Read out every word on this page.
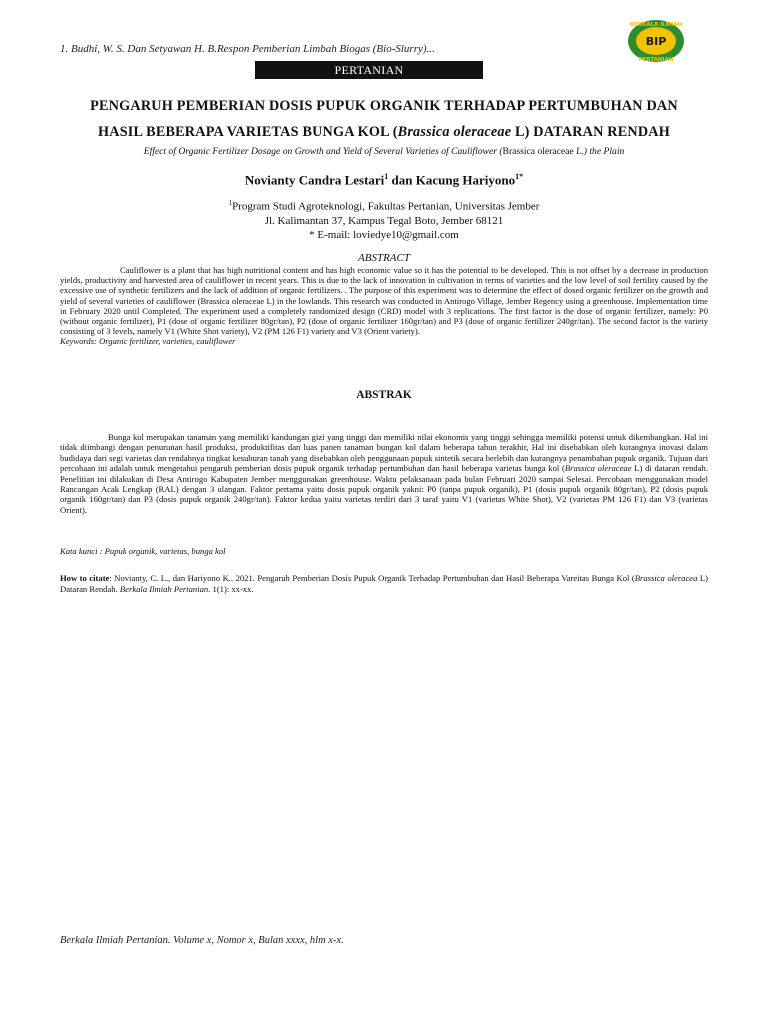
1. Budhi, W. S. Dan Setyawan H. B.Respon Pemberian Limbah Biogas (Bio-Slurry)...
BERKALA ILMIAH
BIP
PERTANIAN
PERTANIAN
PENGARUH PEMBERIAN DOSIS PUPUK ORGANIK TERHADAP PERTUMBUHAN DAN
HASIL BEBERAPA VARIETAS BUNGA KOL (Brassica oleraceae L) DATARAN RENDAH
Effect of Organic Fertilizer Dosage on Growth and Yield of Several Varieties of Cauliflower (Brassica oleraceae L.) the Plain
Novianty Candra Lestari$^1$ dan Kacung Hariyono$^{1*}$
$^1$Program Studi Agroteknologi, Fakultas Pertanian, Universitas Jember
Jl. Kalimantan 37, Kampus Tegal Boto, Jember 68121
* E-mail: loviedye10@gmail.com
ABSTRACT

Cauliflower is a plant that has high nutritional content and has high economic value so it has the potential to be developed. This is not offset by a decrease in production yields, productivity and harvested area of cauliflower in recent years. This is due to the lack of innovation in cultivation in terms of varieties and the low level of soil fertility caused by the excessive use of synthetic fertilizers and the lack of addition of organic fertilizers. . The purpose of this experiment was to determine the effect of dosed organic fertilizer on the growth and yield of several varieties of cauliflower (Brassica oleraceae L) in the lowlands. This research was conducted in Antirogo Village, Jember Regency using a greenhouse. Implementation time in February 2020 until Completed. The experiment used a completely randomized design (CRD) model with 3 replications. The first factor is the dose of organic fertilizer, namely: P0 (without organic fertilizer), P1 (dose of organic fertilizer 80gr/tan), P2 (dose of organic fertilizer 160gr/tan) and P3 (dose of organic fertilizer 240gr/tan). The second factor is the variety consisting of 3 levels, namely V1 (White Shot variety), V2 (PM 126 F1) variety and V3 (Orient variety).

Keywords: Organic fertilizer, varieties, cauliflower
ABSTRAK

Bunga kol merupakan tanaman yang memiliki kandungan gizi yang tinggi dan memiliki nilai ekonomis yang tinggi sehingga memiliki potensi untuk dikembangkan. Hal ini tidak diimbangi dengan penurunan hasil produksi, produktifitas dan luas panen tanaman bungan kol dalam beberapa tahun terakhir, Hal ini disebabkan oleh kurangnya inovasi dalam budidaya dari segi varietas dan rendahnya tingkat kesuburan tanah yang disebabkan oleh penggunaan pupuk sintetik secara berlebih dan kurangnya penambahan pupuk organik. Tujuan dari percobaan ini adalah untuk mengetahui pengaruh pemberian dosis pupuk organik terhadap pertumbuhan dan hasil beberapa varietas bunga kol (Brassica oleraceae L) di dataran rendah. Penelitian ini dilakukan di Desa Antirogo Kabupaten Jember menggunakan greenhouse. Waktu pelaksanaan pada bulan Februari 2020 sampai Selesai. Percobaan menggunakan model Rancangan Acak Lengkap (RAL) dengan 3 ulangan. Faktor pertama yaitu dosis pupuk organik yakni: P0 (tanpa pupuk organik), P1 (dosis pupuk organik 80gr/tan), P2 (dosis pupuk organik 160gr/tan) dan P3 (dosis pupuk organik 240gr/tan). Faktor kedua yaitu varietas terdiri dari 3 taraf yaitu V1 (varietas White Shot), V2 (varietas PM 126 F1) dan V3 (varietas Orient).

Kata kunci : Pupuk organik, varietas, bunga kol
How to citate: Novianty, C. L., dan Hariyono K.. 2021. Pengaruh Pemberian Dosis Pupuk Organik Terhadap Pertumbuhan dan Hasil Beberapa Vareitas Bunga Kol (Brassica oleracea L) Dataran Rendah. Berkala Ilmiah Pertanian. 1(1): xx-xx.
Berkala Ilmiah Pertanian. Volume x, Nomor x, Bulan xxxx, hlm x-x.
